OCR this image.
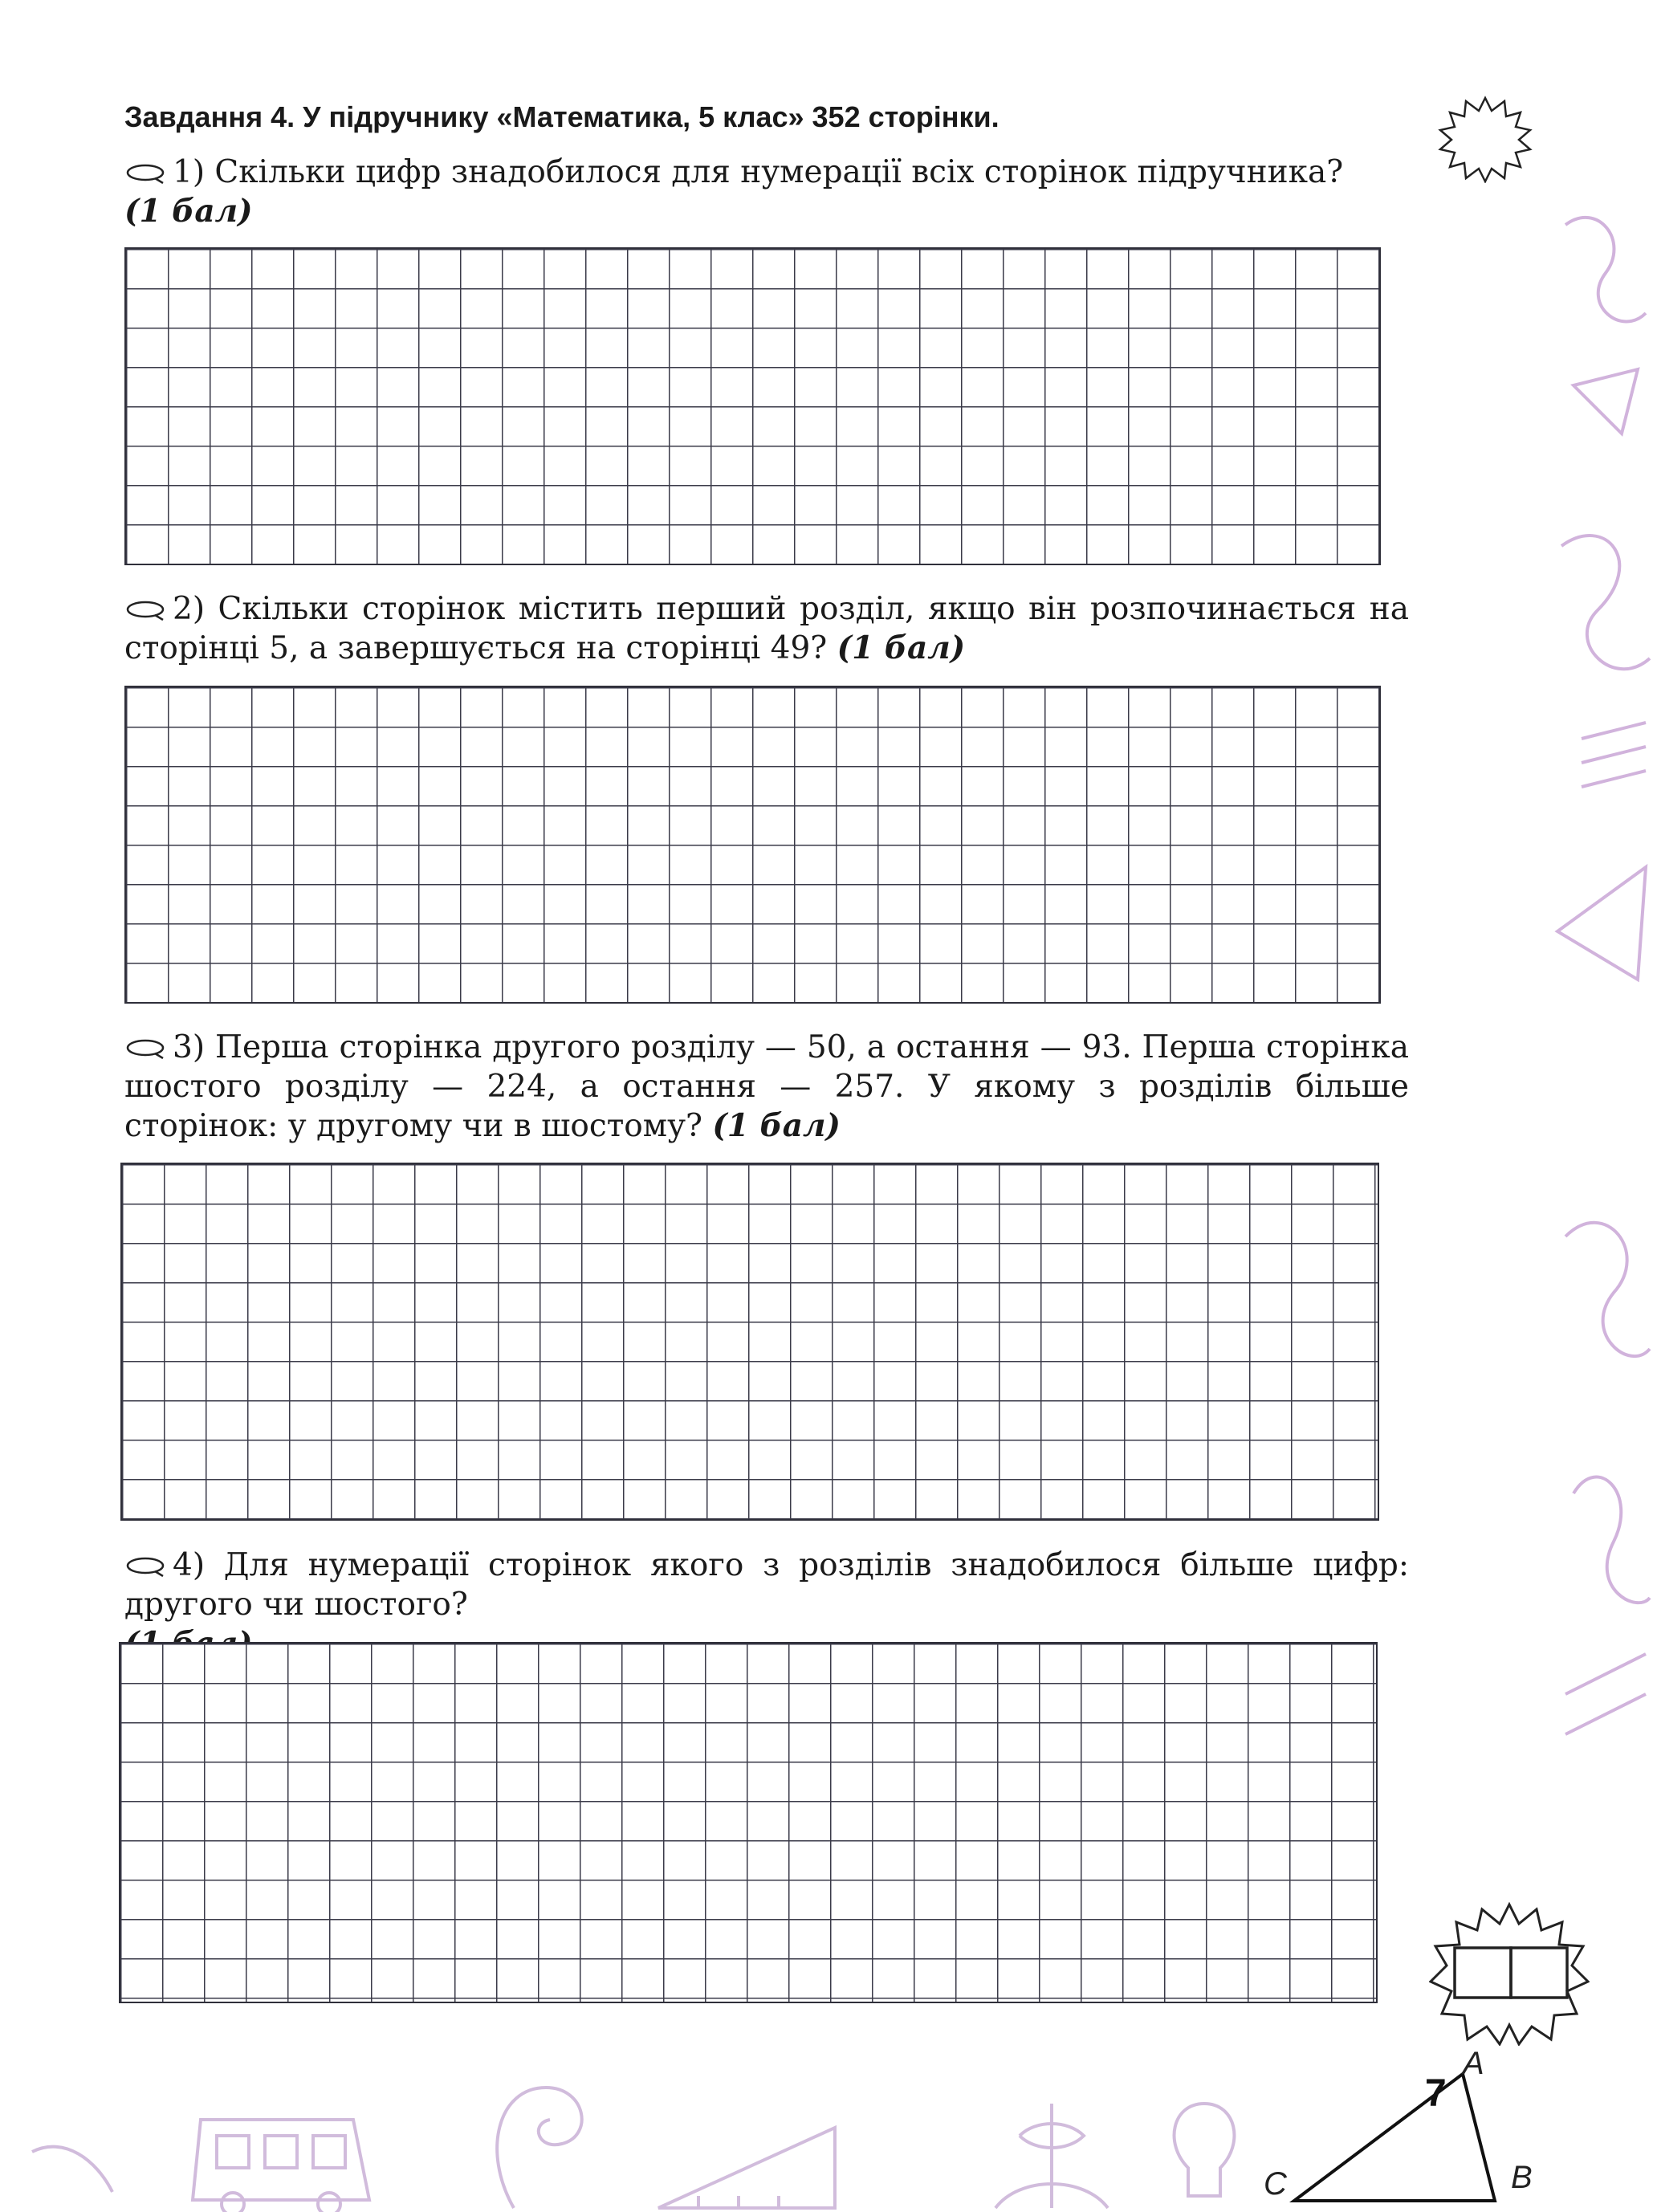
Завдання 4. У підручнику «Математика, 5 клас» 352 сторінки.
1) Скільки цифр знадобилося для нумерації всіх сторінок підручника?
(1 бал)
2) Скільки сторінок містить перший розділ, якщо він розпочинається на сторінці 5, а завершується на сторінці 49? (1 бал)
3) Перша сторінка другого розділу — 50, а остання — 93. Перша сторінка шостого розділу — 224, а остання — 257. У якому з розділів більше сторінок: у другому чи в шостому? (1 бал)
4) Для нумерації сторінок якого з розділів знадобилося більше цифр: другого чи шостого?

7
A
B
C
